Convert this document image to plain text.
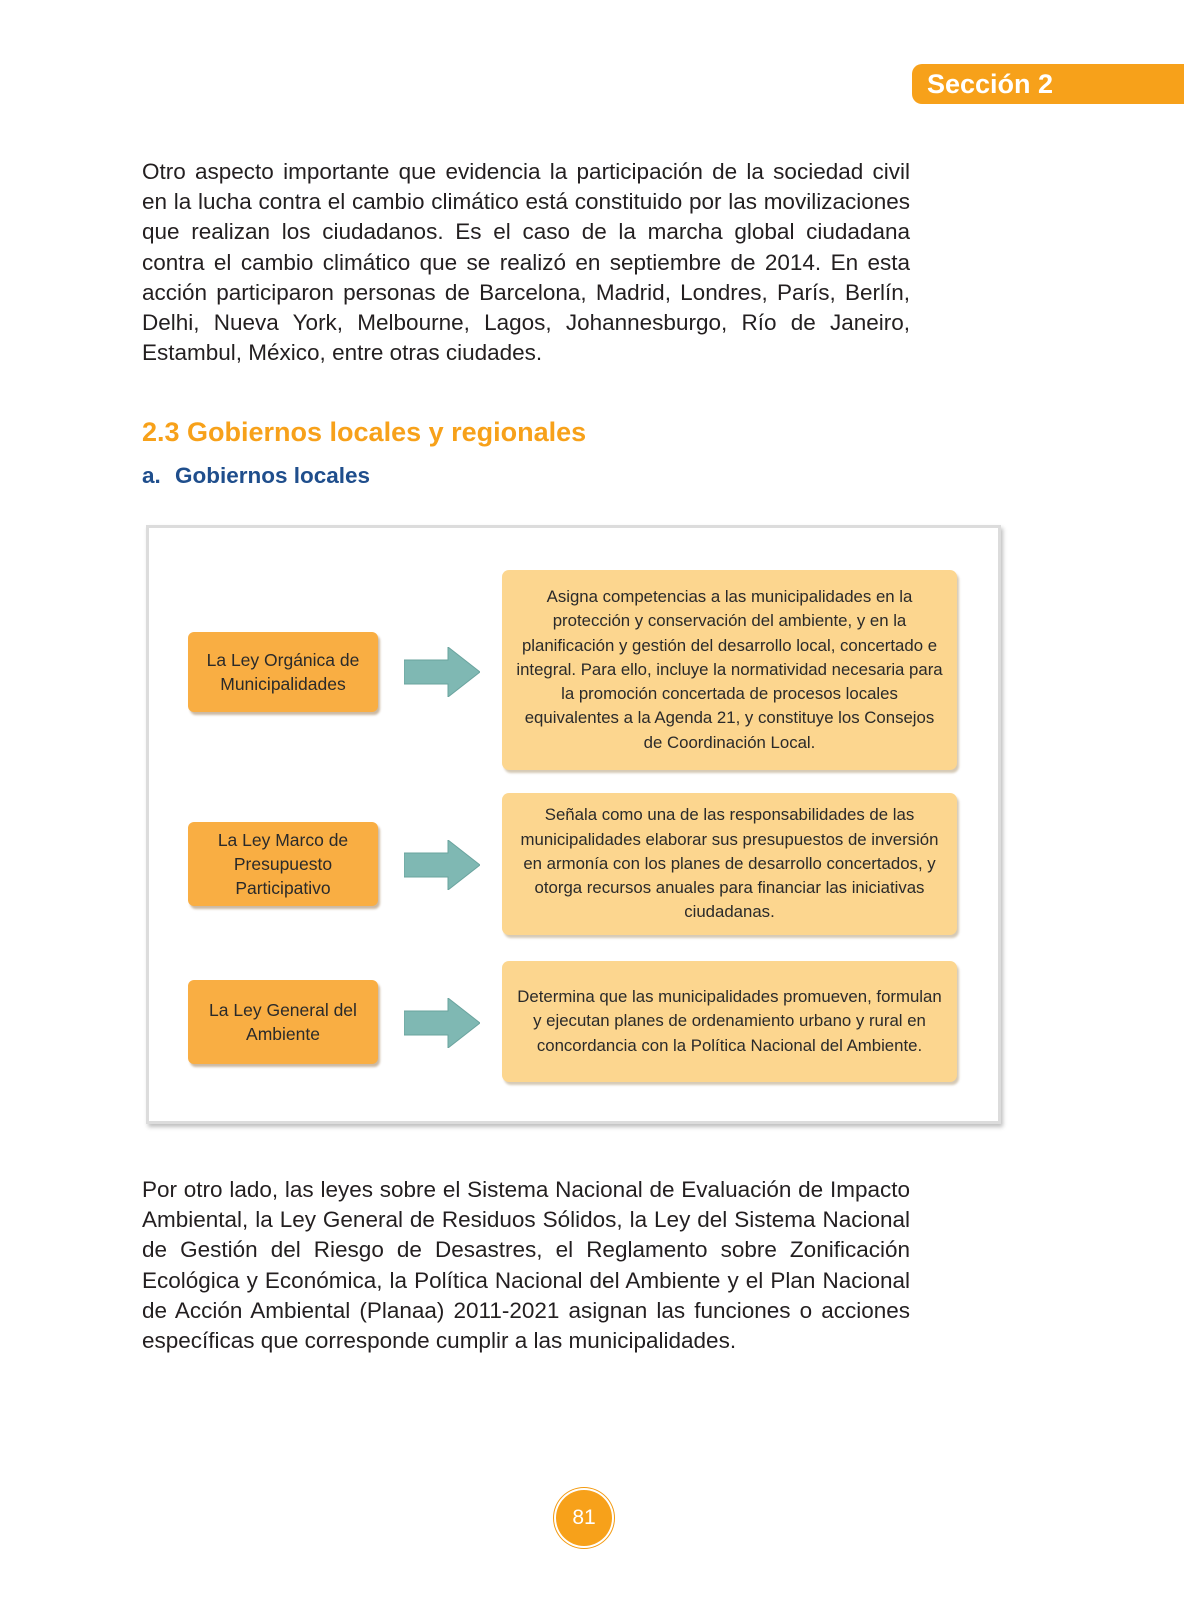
Sección 2

Otro aspecto importante que evidencia la participación de la sociedad civil en la lucha contra el cambio climático está constituido por las movilizaciones que realizan los ciudadanos. Es el caso de la marcha global ciudadana contra el cambio climático que se realizó en septiembre de 2014. En esta acción participaron personas de Barcelona, Madrid, Londres, París, Berlín, Delhi, Nueva York, Melbourne, Lagos, Johannesburgo, Río de Janeiro, Estambul, México, entre otras ciudades.

2.3 Gobiernos locales y regionales
a. Gobiernos locales
La Ley Orgánica de Municipalidades
Asigna competencias a las municipalidades en la protección y conservación del ambiente, y en la planificación y gestión del desarrollo local, concertado e integral. Para ello, incluye la normatividad necesaria para la promoción concertada de procesos locales equivalentes a la Agenda 21, y constituye los Consejos de Coordinación Local.
La Ley Marco de Presupuesto Participativo
Señala como una de las responsabilidades de las municipalidades elaborar sus presupuestos de inversión en armonía con los planes de desarrollo concertados, y otorga recursos anuales para financiar las iniciativas ciudadanas.
La Ley General del Ambiente
Determina que las municipalidades promueven, formulan y ejecutan planes de ordenamiento urbano y rural en concordancia con la Política Nacional del Ambiente.

Por otro lado, las leyes sobre el Sistema Nacional de Evaluación de Impacto Ambiental, la Ley General de Residuos Sólidos, la Ley del Sistema Nacional de Gestión del Riesgo de Desastres, el Reglamento sobre Zonificación Ecológica y Económica, la Política Nacional del Ambiente y el Plan Nacional de Acción Ambiental (Planaa) 2011-2021 asignan las funciones o acciones específicas que corresponde cumplir a las municipalidades.

81
